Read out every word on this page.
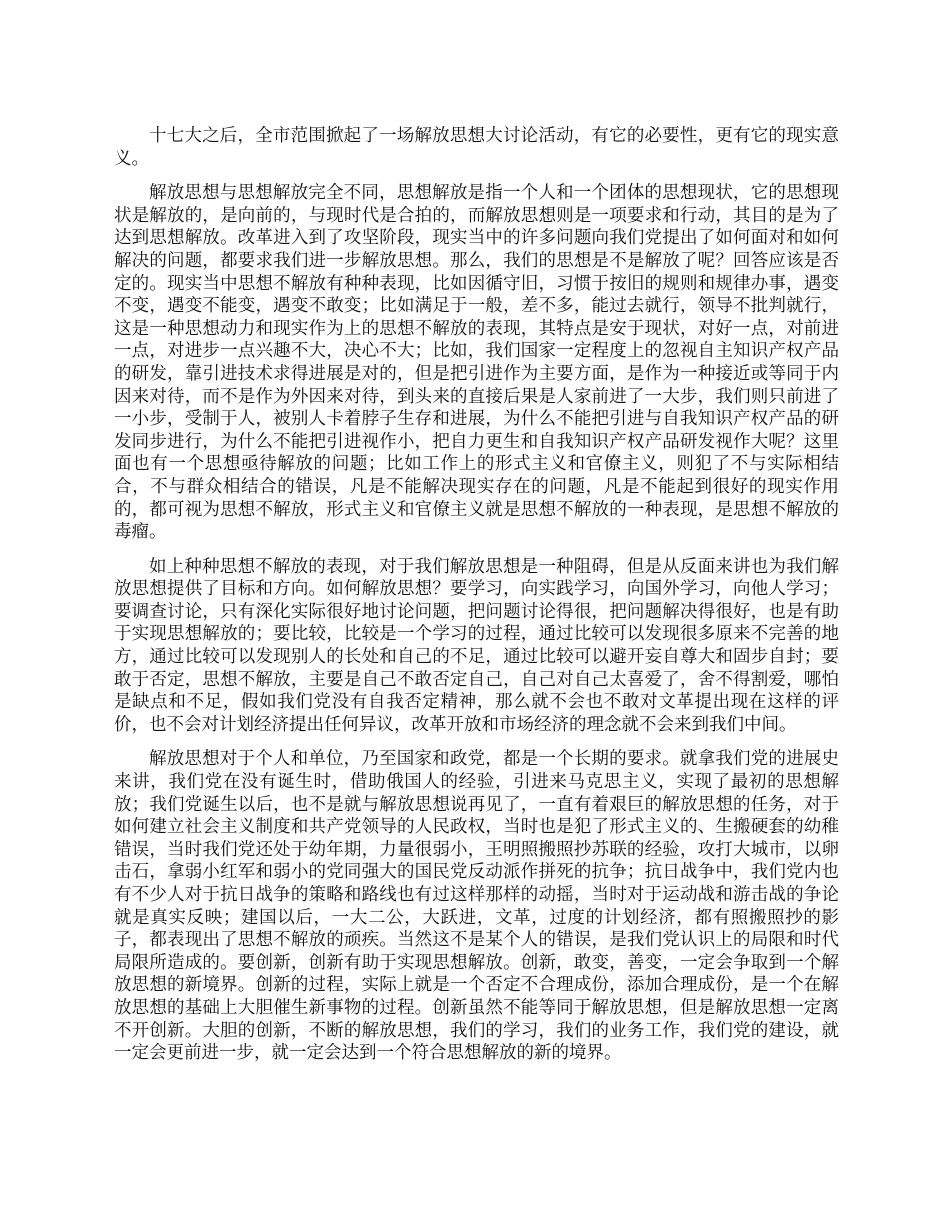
十七大之后，全市范围掀起了一场解放思想大讨论活动，有它的必要性，更有它的现实意义。

解放思想与思想解放完全不同，思想解放是指一个人和一个团体的思想现状，它的思想现状是解放的，是向前的，与现时代是合拍的，而解放思想则是一项要求和行动，其目的是为了达到思想解放。改革进入到了攻坚阶段，现实当中的许多问题向我们党提出了如何面对和如何解决的问题，都要求我们进一步解放思想。那么，我们的思想是不是解放了呢？回答应该是否定的。现实当中思想不解放有种种表现，比如因循守旧，习惯于按旧的规则和规律办事，遇变不变，遇变不能变，遇变不敢变；比如满足于一般，差不多，能过去就行，领导不批判就行，这是一种思想动力和现实作为上的思想不解放的表现，其特点是安于现状，对好一点，对前进一点，对进步一点兴趣不大，决心不大；比如，我们国家一定程度上的忽视自主知识产权产品的研发，靠引进技术求得进展是对的，但是把引进作为主要方面，是作为一种接近或等同于内因来对待，而不是作为外因来对待，到头来的直接后果是人家前进了一大步，我们则只前进了一小步，受制于人，被别人卡着脖子生存和进展，为什么不能把引进与自我知识产权产品的研发同步进行，为什么不能把引进视作小，把自力更生和自我知识产权产品研发视作大呢？这里面也有一个思想亟待解放的问题；比如工作上的形式主义和官僚主义，则犯了不与实际相结合，不与群众相结合的错误，凡是不能解决现实存在的问题，凡是不能起到很好的现实作用的，都可视为思想不解放，形式主义和官僚主义就是思想不解放的一种表现，是思想不解放的毒瘤。

如上种种思想不解放的表现，对于我们解放思想是一种阻碍，但是从反面来讲也为我们解放思想提供了目标和方向。如何解放思想？要学习，向实践学习，向国外学习，向他人学习；要调查讨论，只有深化实际很好地讨论问题，把问题讨论得很，把问题解决得很好，也是有助于实现思想解放的；要比较，比较是一个学习的过程，通过比较可以发现很多原来不完善的地方，通过比较可以发现别人的长处和自己的不足，通过比较可以避开妄自尊大和固步自封；要敢于否定，思想不解放，主要是自己不敢否定自己，自己对自己太喜爱了，舍不得割爱，哪怕是缺点和不足，假如我们党没有自我否定精神，那么就不会也不敢对文革提出现在这样的评价，也不会对计划经济提出任何异议，改革开放和市场经济的理念就不会来到我们中间。

解放思想对于个人和单位，乃至国家和政党，都是一个长期的要求。就拿我们党的进展史来讲，我们党在没有诞生时，借助俄国人的经验，引进来马克思主义，实现了最初的思想解放；我们党诞生以后，也不是就与解放思想说再见了，一直有着艰巨的解放思想的任务，对于如何建立社会主义制度和共产党领导的人民政权，当时也是犯了形式主义的、生搬硬套的幼稚错误，当时我们党还处于幼年期，力量很弱小，王明照搬照抄苏联的经验，攻打大城市，以卵击石，拿弱小红军和弱小的党同强大的国民党反动派作拼死的抗争；抗日战争中，我们党内也有不少人对于抗日战争的策略和路线也有过这样那样的动摇，当时对于运动战和游击战的争论就是真实反映；建国以后，一大二公，大跃进，文革，过度的计划经济，都有照搬照抄的影子，都表现出了思想不解放的顽疾。当然这不是某个人的错误，是我们党认识上的局限和时代局限所造成的。要创新，创新有助于实现思想解放。创新，敢变，善变，一定会争取到一个解放思想的新境界。创新的过程，实际上就是一个否定不合理成份，添加合理成份，是一个在解放思想的基础上大胆催生新事物的过程。创新虽然不能等同于解放思想，但是解放思想一定离不开创新。大胆的创新，不断的解放思想，我们的学习，我们的业务工作，我们党的建设，就一定会更前进一步，就一定会达到一个符合思想解放的新的境界。
